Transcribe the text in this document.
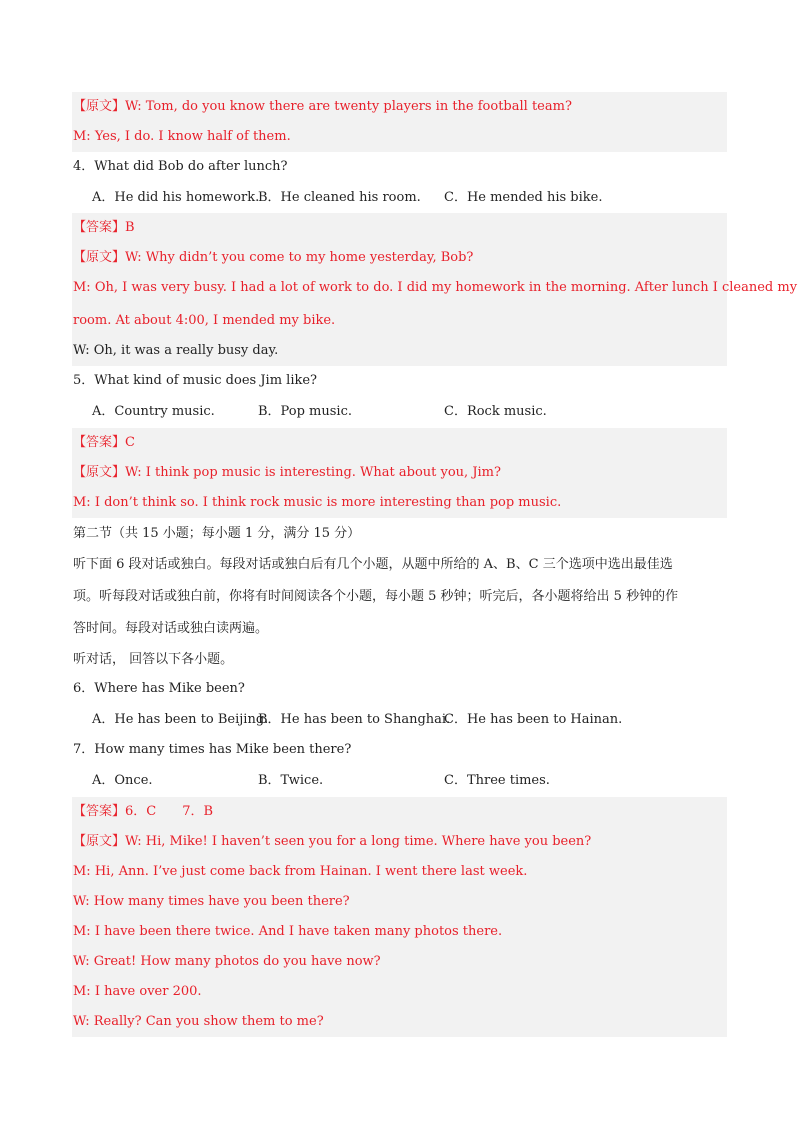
【原文】W: Tom, do you know there are twenty players in the football team?
M: Yes, I do. I know half of them.
4．What did Bob do after lunch?
A．He did his homework.
B．He cleaned his room. C．He mended his bike.
【答案】B
【原文】W: Why didn’t you come to my home yesterday, Bob?
M: Oh, I was very busy. I had a lot of work to do. I did my homework in the morning. After lunch I cleaned my
room. At about 4:00, I mended my bike.
W: Oh, it was a really busy day.
5．What kind of music does Jim like?
A．Country music.	B．Pop music.	C．Rock music.
【答案】C
【原文】W: I think pop music is interesting. What about you, Jim?
M: I don’t think so. I think rock music is more interesting than pop music.
第二节（共 15 小题；每小题 1 分，满分 15 分）
听下面 6 段对话或独白。每段对话或独白后有几个小题，从题中所给的 A、B、C 三个选项中选出最佳选
项。听每段对话或独白前，你将有时间阅读各个小题，每小题 5 秒钟；听完后，各小题将给出 5 秒钟的作
答时间。每段对话或独白读两遍。
听对话， 回答以下各小题。
6．Where has Mike been?
A．He has been to Beijing.
B．He has been to Shanghai.
C．He has been to Hainan.
7．How many times has Mike been there?
A．Once.	B．Twice.	C．Three times.
【答案】6．C　　7．B
【原文】W: Hi, Mike! I haven’t seen you for a long time. Where have you been?
M: Hi, Ann. I’ve just come back from Hainan. I went there last week.
W: How many times have you been there?
M: I have been there twice. And I have taken many photos there.
W: Great! How many photos do you have now?
M: I have over 200.
W: Really? Can you show them to me?
